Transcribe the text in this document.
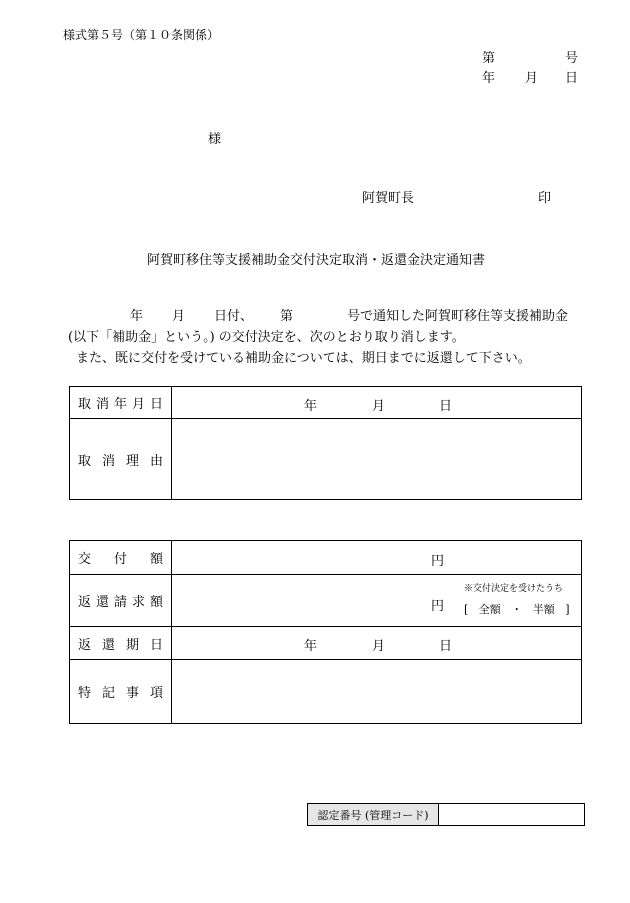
様式第５号（第１０条関係）
第	号
年 月 日
様
阿賀町長	印
阿賀町移住等支援補助金交付決定取消・返還金決定通知書
年 月 日付、 第	号で通知した阿賀町移住等支援補助金
(以下「補助金」という。) の交付決定を、次のとおり取り消します。
また、既に交付を受けている補助金については、期日までに返還して下さい。
取 消 年 月 日	年 月 日

取 消 理 由	

交 付 額	円

返 還 請 求 額	円
※交付決定を受けたうち
[ 全額 ・ 半額 ]

返 還 期 日	年 月 日

特 記 事 項	

認定番号 (管理コード)
